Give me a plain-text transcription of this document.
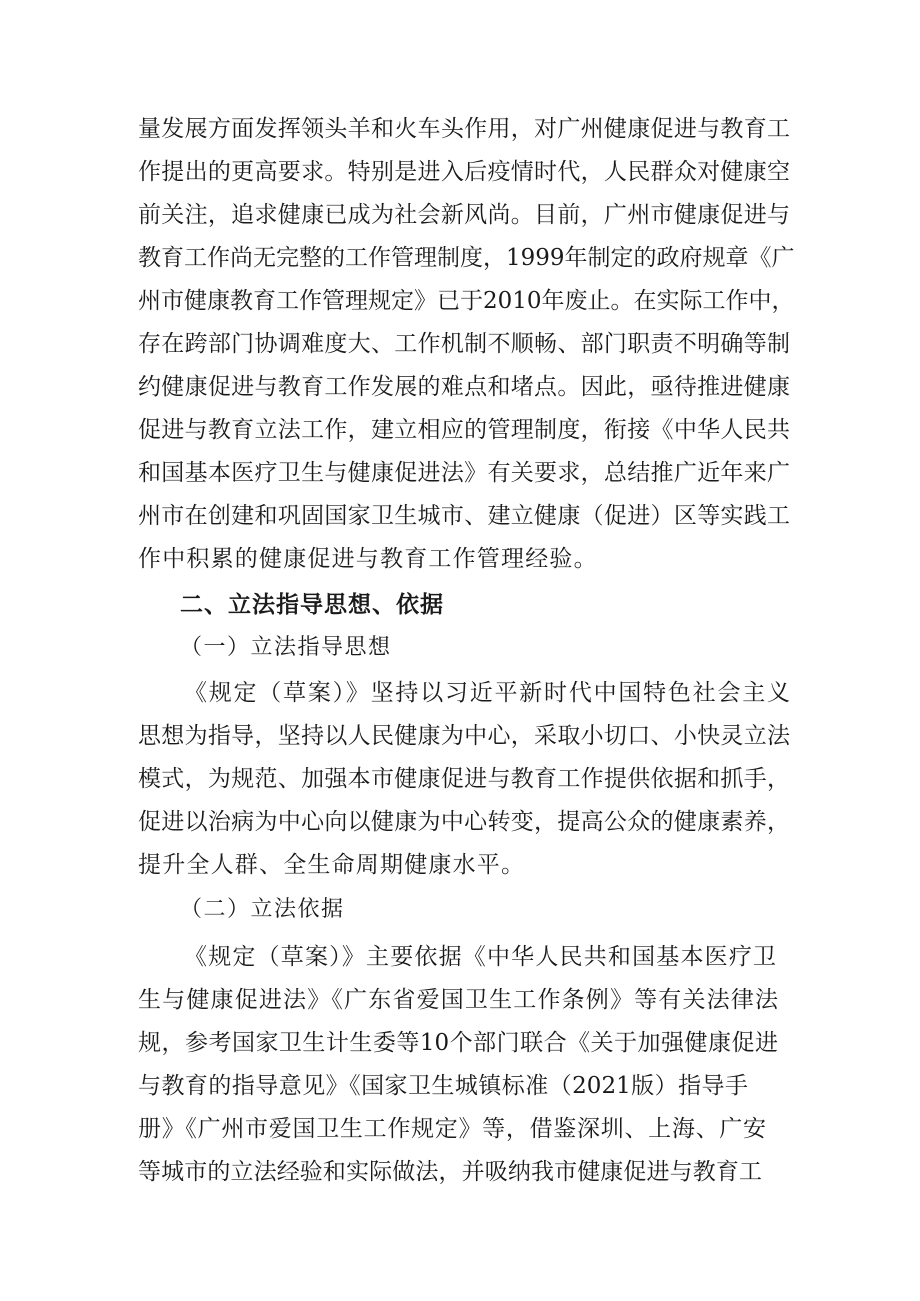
量发展方面发挥领头羊和火车头作用，对广州健康促进与教育工
作提出的更高要求。特别是进入后疫情时代，人民群众对健康空
前关注，追求健康已成为社会新风尚。目前，广州市健康促进与
教育工作尚无完整的工作管理制度，1999年制定的政府规章《广
州市健康教育工作管理规定》已于2010年废止。在实际工作中，
存在跨部门协调难度大、工作机制不顺畅、部门职责不明确等制
约健康促进与教育工作发展的难点和堵点。因此，亟待推进健康
促进与教育立法工作，建立相应的管理制度，衔接《中华人民共
和国基本医疗卫生与健康促进法》有关要求，总结推广近年来广
州市在创建和巩固国家卫生城市、建立健康（促进）区等实践工
作中积累的健康促进与教育工作管理经验。
二、立法指导思想、依据
（一）立法指导思想
《规定（草案）》坚持以习近平新时代中国特色社会主义
思想为指导，坚持以人民健康为中心，采取小切口、小快灵立法
模式，为规范、加强本市健康促进与教育工作提供依据和抓手，
促进以治病为中心向以健康为中心转变，提高公众的健康素养，
提升全人群、全生命周期健康水平。
（二）立法依据
《规定（草案）》主要依据《中华人民共和国基本医疗卫
生与健康促进法》《广东省爱国卫生工作条例》等有关法律法
规，参考国家卫生计生委等10个部门联合《关于加强健康促进
与教育的指导意见》《国家卫生城镇标准（2021版）指导手
册》《广州市爱国卫生工作规定》等，借鉴深圳、上海、广安
等城市的立法经验和实际做法，并吸纳我市健康促进与教育工
